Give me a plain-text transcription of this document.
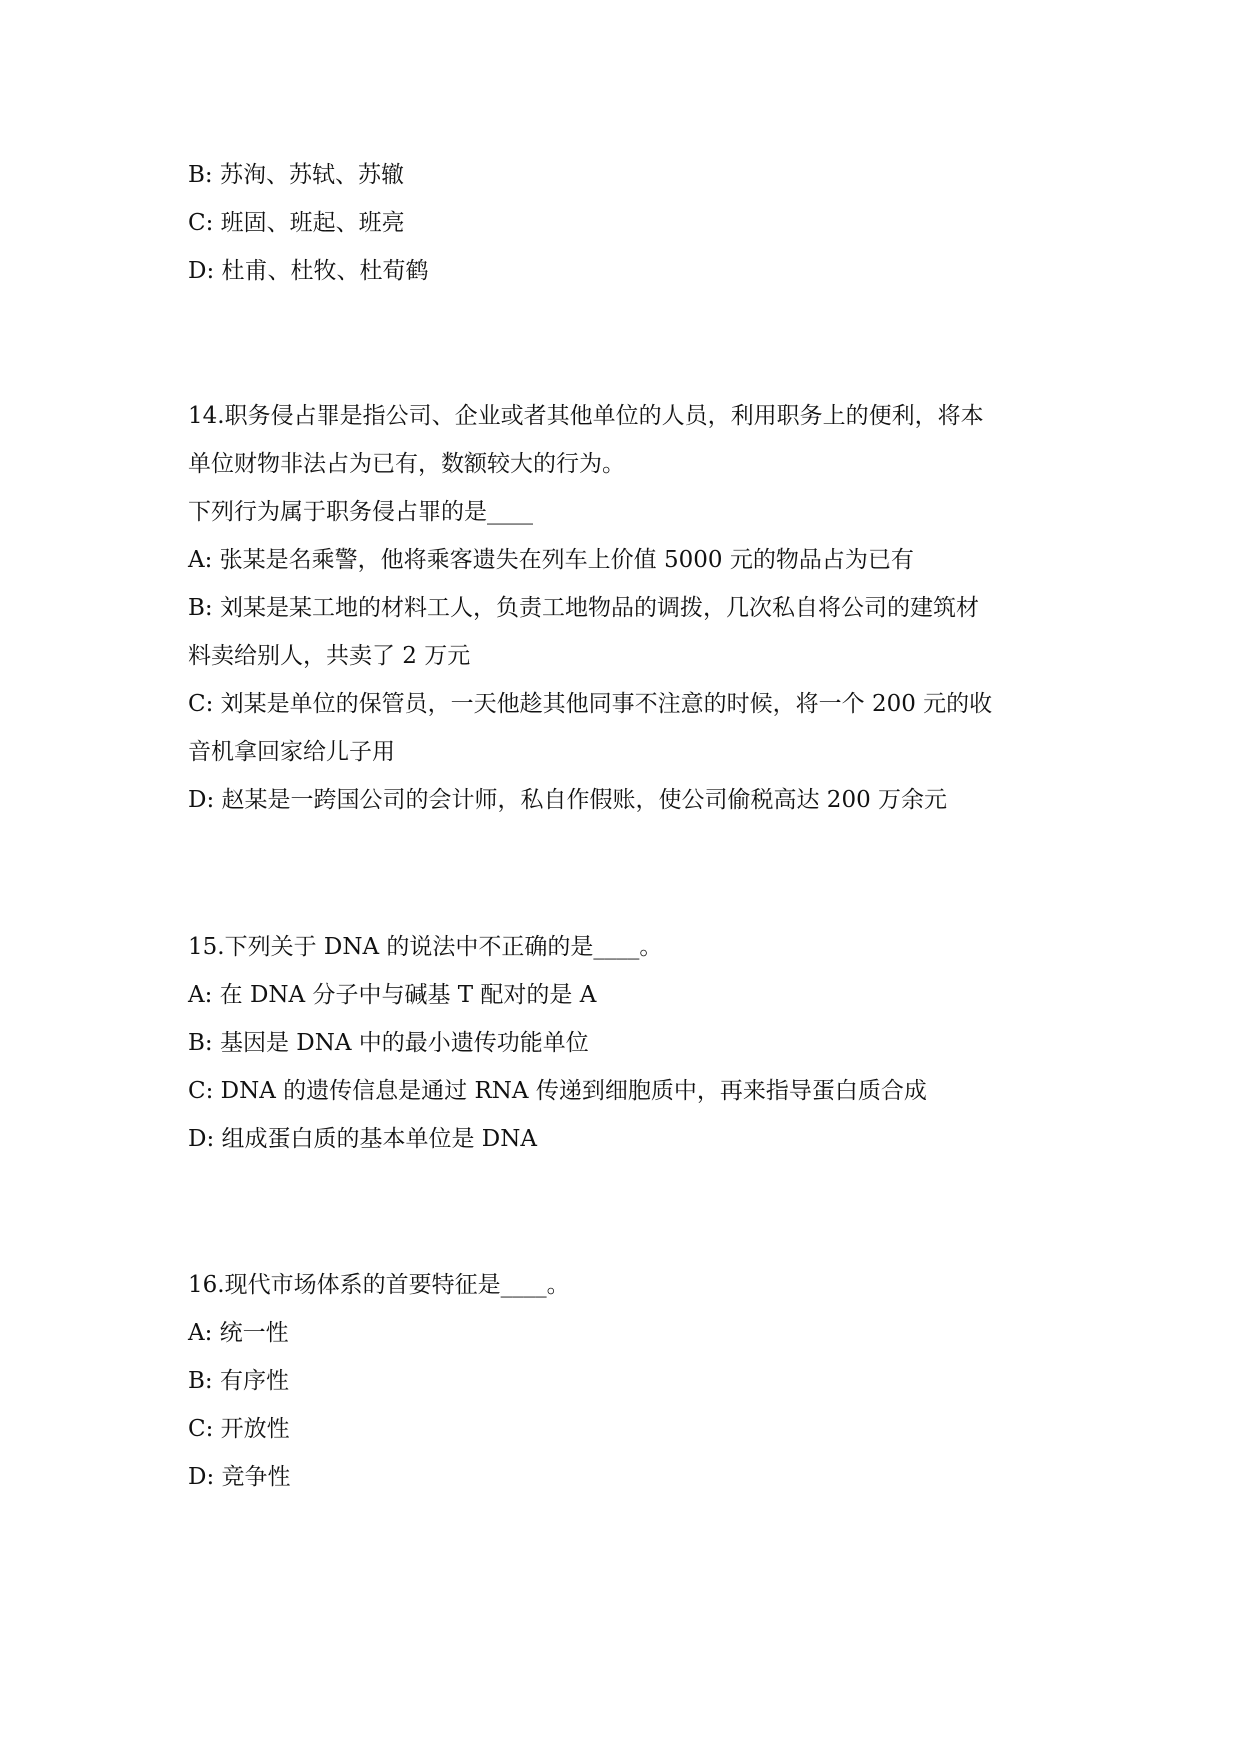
B: 苏洵、苏轼、苏辙
C: 班固、班起、班亮
D: 杜甫、杜牧、杜荀鹤
14.职务侵占罪是指公司、企业或者其他单位的人员，利用职务上的便利，将本
单位财物非法占为已有，数额较大的行为。
下列行为属于职务侵占罪的是____
A: 张某是名乘警，他将乘客遗失在列车上价值 5000 元的物品占为已有
B: 刘某是某工地的材料工人，负责工地物品的调拨，几次私自将公司的建筑材
料卖给别人，共卖了 2 万元
C: 刘某是单位的保管员，一天他趁其他同事不注意的时候，将一个 200 元的收
音机拿回家给儿子用
D: 赵某是一跨国公司的会计师，私自作假账，使公司偷税高达 200 万余元
15.下列关于 DNA 的说法中不正确的是____。
A: 在 DNA 分子中与碱基 T 配对的是 A
B: 基因是 DNA 中的最小遗传功能单位
C: DNA 的遗传信息是通过 RNA 传递到细胞质中，再来指导蛋白质合成
D: 组成蛋白质的基本单位是 DNA
16.现代市场体系的首要特征是____。
A: 统一性
B: 有序性
C: 开放性
D: 竞争性
